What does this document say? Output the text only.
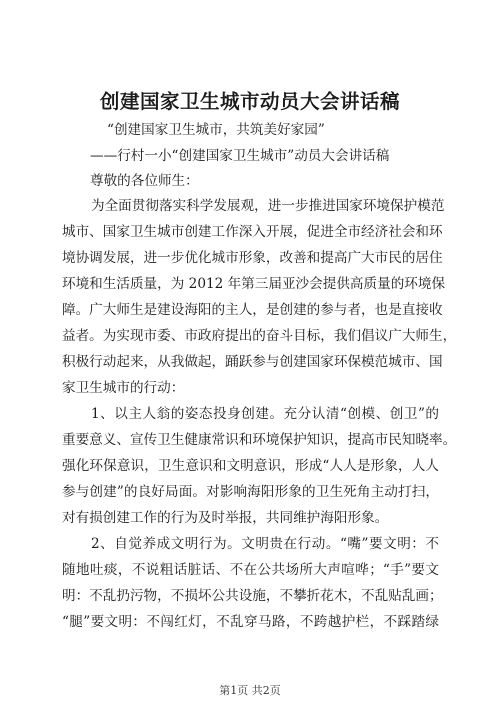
创建国家卫生城市动员大会讲话稿
“创建国家卫生城市，共筑美好家园”
——行村一小“创建国家卫生城市”动员大会讲话稿
尊敬的各位师生：
为全面贯彻落实科学发展观，进一步推进国家环境保护模范
城市、国家卫生城市创建工作深入开展，促进全市经济社会和环
境协调发展，进一步优化城市形象，改善和提高广大市民的居住
环境和生活质量，为 2012 年第三届亚沙会提供高质量的环境保
障。广大师生是建设海阳的主人，是创建的参与者，也是直接收
益者。为实现市委、市政府提出的奋斗目标，我们倡议广大师生，
积极行动起来，从我做起，踊跃参与创建国家环保模范城市、国
家卫生城市的行动：
1、以主人翁的姿态投身创建。充分认清“创模、创卫”的
重要意义、宣传卫生健康常识和环境保护知识，提高市民知晓率。
强化环保意识，卫生意识和文明意识，形成“人人是形象，人人
参与创建”的良好局面。对影响海阳形象的卫生死角主动打扫，
对有损创建工作的行为及时举报，共同维护海阳形象。
2、自觉养成文明行为。文明贵在行动。“嘴”要文明：不
随地吐痰，不说粗话脏话、不在公共场所大声喧哗；“手”要文
明：不乱扔污物，不损坏公共设施，不攀折花木，不乱贴乱画；
“腿”要文明：不闯红灯，不乱穿马路，不跨越护栏，不踩踏绿
第1页 共2页
